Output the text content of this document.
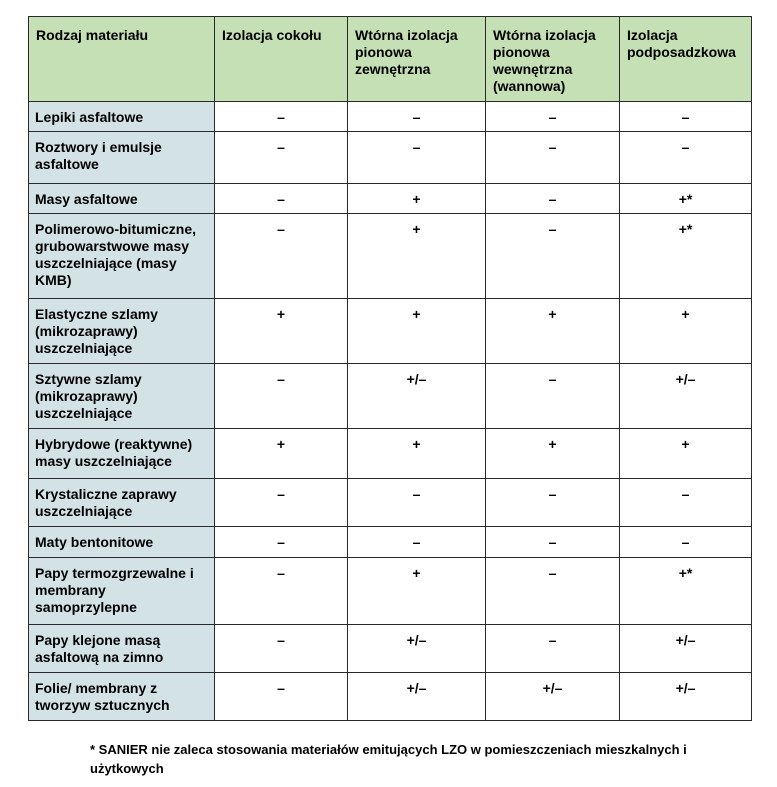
Rodzaj materiału	Izolacja cokołu	Wtórna izolacja pionowa zewnętrzna	Wtórna izolacja pionowa wewnętrzna (wannowa)	Izolacja podposadzkowa
Lepiki asfaltowe	–	–	–	–
Roztwory i emulsje asfaltowe	–	–	–	–
Masy asfaltowe	–	+	–	+*
Polimerowo-bitumiczne, grubowarstwowe masy uszczelniające (masy KMB)	–	+	–	+*
Elastyczne szlamy (mikrozaprawy) uszczelniające	+	+	+	+
Sztywne szlamy (mikrozaprawy) uszczelniające	–	+/–	–	+/–
Hybrydowe (reaktywne) masy uszczelniające	+	+	+	+
Krystaliczne zaprawy uszczelniające	–	–	–	–
Maty bentonitowe	–	–	–	–
Papy termozgrzewalne i membrany samoprzylepne	–	+	–	+*
Papy klejone masą asfaltową na zimno	–	+/–	–	+/–
Folie/ membrany z tworzyw sztucznych	–	+/–	+/–	+/–

* SANIER nie zaleca stosowania materiałów emitujących LZO w pomieszczeniach mieszkalnych i użytkowych
